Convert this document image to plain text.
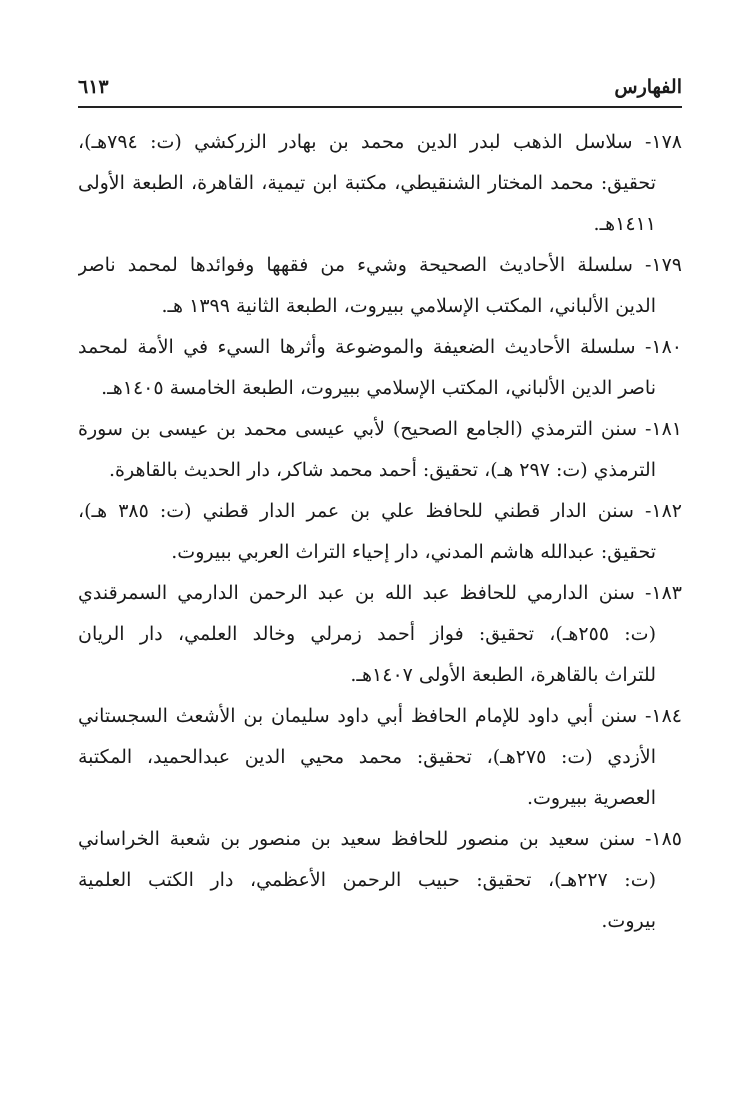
الفهارس
٦١٣
١٧٨- سلاسل الذهب لبدر الدين محمد بن بهادر الزركشي (ت: ٧٩٤هـ)،
تحقيق: محمد المختار الشنقيطي، مكتبة ابن تيمية، القاهرة، الطبعة الأولى
١٤١١هـ.
١٧٩- سلسلة الأحاديث الصحيحة وشيء من فقهها وفوائدها لمحمد ناصر
الدين الألباني، المكتب الإسلامي ببيروت، الطبعة الثانية ١٣٩٩ هـ.
١٨٠- سلسلة الأحاديث الضعيفة والموضوعة وأثرها السيء في الأمة لمحمد
ناصر الدين الألباني، المكتب الإسلامي ببيروت، الطبعة الخامسة ١٤٠٥هـ.
١٨١- سنن الترمذي (الجامع الصحيح) لأبي عيسى محمد بن عيسى بن سورة
الترمذي (ت: ٢٩٧ هـ)، تحقيق: أحمد محمد شاكر، دار الحديث بالقاهرة.
١٨٢- سنن الدار قطني للحافظ علي بن عمر الدار قطني (ت: ٣٨٥ هـ)،
تحقيق: عبدالله هاشم المدني، دار إحياء التراث العربي ببيروت.
١٨٣- سنن الدارمي للحافظ عبد الله بن عبد الرحمن الدارمي السمرقندي
(ت: ٢٥٥هـ)، تحقيق: فواز أحمد زمرلي وخالد العلمي، دار الريان
للتراث بالقاهرة، الطبعة الأولى ١٤٠٧هـ.
١٨٤- سنن أبي داود للإمام الحافظ أبي داود سليمان بن الأشعث السجستاني
الأزدي (ت: ٢٧٥هـ)، تحقيق: محمد محيي الدين عبدالحميد، المكتبة
العصرية ببيروت.
١٨٥- سنن سعيد بن منصور للحافظ سعيد بن منصور بن شعبة الخراساني
(ت: ٢٢٧هـ)، تحقيق: حبيب الرحمن الأعظمي، دار الكتب العلمية
بيروت.
